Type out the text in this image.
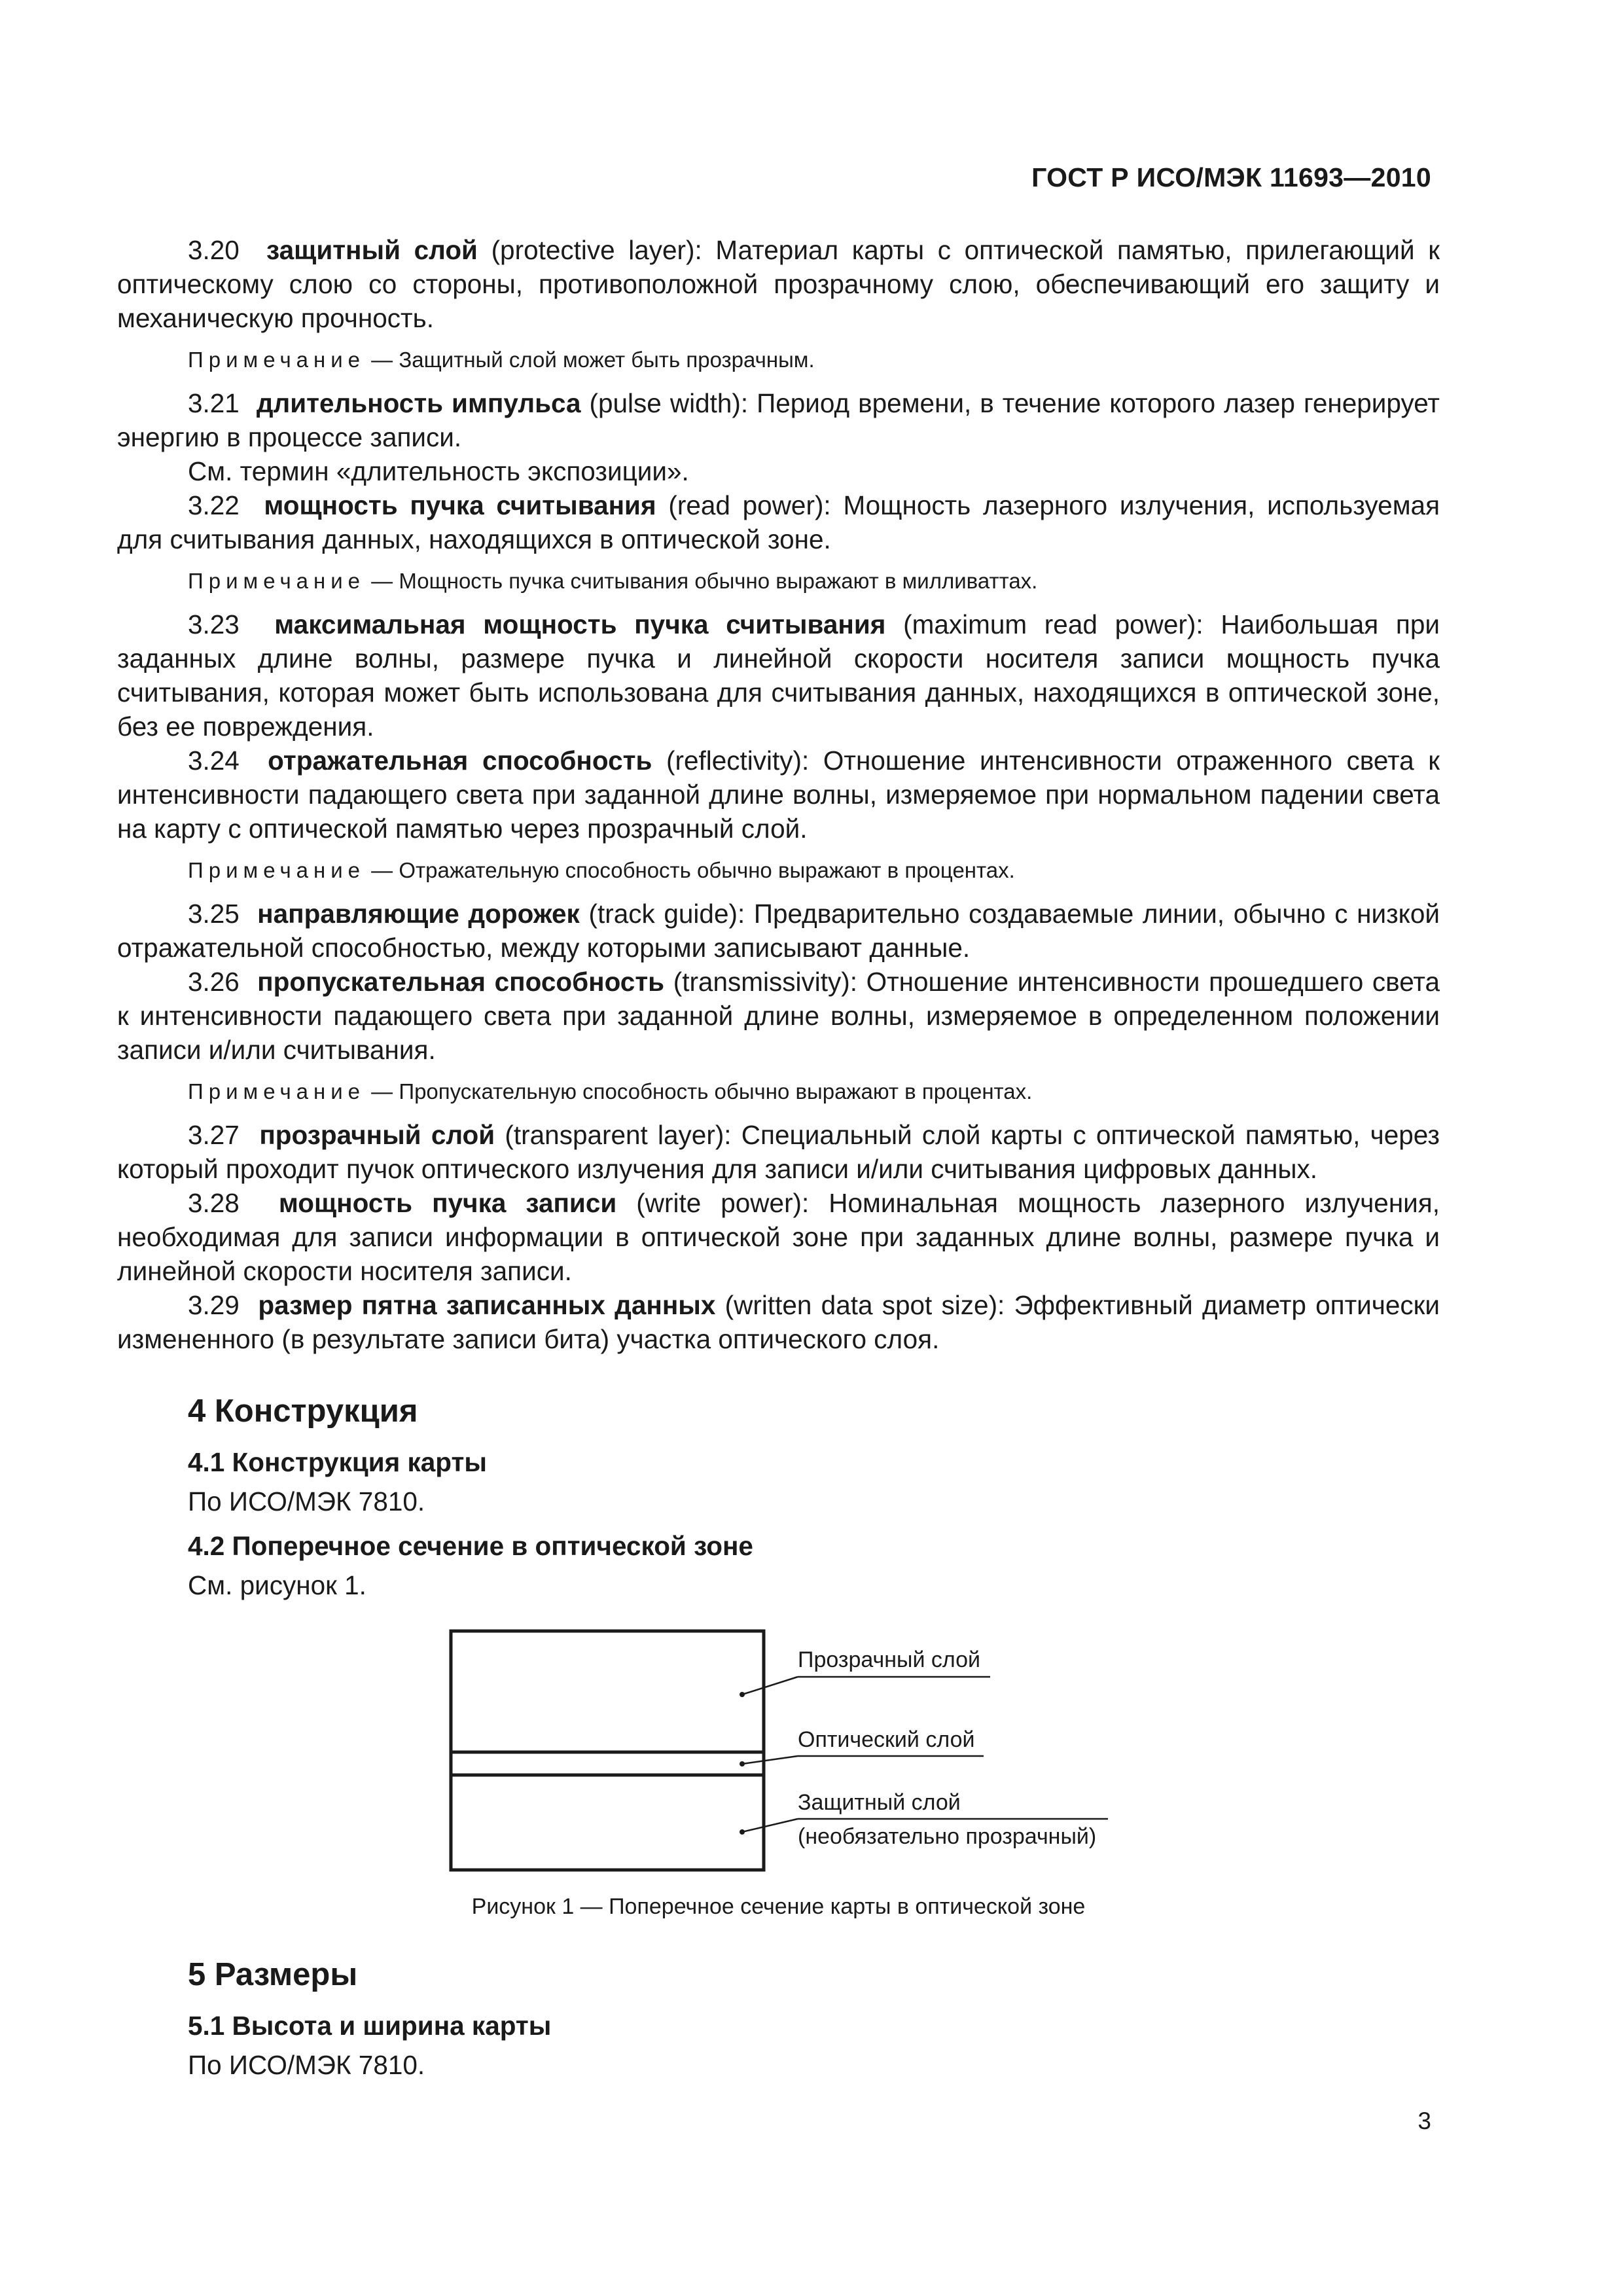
ГОСТ Р ИСО/МЭК 11693—2010

3.20 защитный слой (protective layer): Материал карты с оптической памятью, прилегающий к оптическому слою со стороны, противоположной прозрачному слою, обеспечивающий его защиту и механическую прочность.

Примечание — Защитный слой может быть прозрачным.

3.21 длительность импульса (pulse width): Период времени, в течение которого лазер генерирует энергию в процессе записи.

См. термин «длительность экспозиции».

3.22 мощность пучка считывания (read power): Мощность лазерного излучения, используемая для считывания данных, находящихся в оптической зоне.

Примечание — Мощность пучка считывания обычно выражают в милливаттах.

3.23 максимальная мощность пучка считывания (maximum read power): Наибольшая при заданных длине волны, размере пучка и линейной скорости носителя записи мощность пучка считывания, которая может быть использована для считывания данных, находящихся в оптической зоне, без ее повреждения.

3.24 отражательная способность (reflectivity): Отношение интенсивности отраженного света к интенсивности падающего света при заданной длине волны, измеряемое при нормальном падении света на карту с оптической памятью через прозрачный слой.

Примечание — Отражательную способность обычно выражают в процентах.

3.25 направляющие дорожек (track guide): Предварительно создаваемые линии, обычно с низкой отражательной способностью, между которыми записывают данные.

3.26 пропускательная способность (transmissivity): Отношение интенсивности прошедшего света к интенсивности падающего света при заданной длине волны, измеряемое в определенном положении записи и/или считывания.

Примечание — Пропускательную способность обычно выражают в процентах.

3.27 прозрачный слой (transparent layer): Специальный слой карты с оптической памятью, через который проходит пучок оптического излучения для записи и/или считывания цифровых данных.

3.28 мощность пучка записи (write power): Номинальная мощность лазерного излучения, необходимая для записи информации в оптической зоне при заданных длине волны, размере пучка и линейной скорости носителя записи.

3.29 размер пятна записанных данных (written data spot size): Эффективный диаметр оптически измененного (в результате записи бита) участка оптического слоя.

4 Конструкция
4.1 Конструкция карты
По ИСО/МЭК 7810.
4.2 Поперечное сечение в оптической зоне
См. рисунок 1.
Прозрачный слой
Оптический слой
Защитный слой
(необязательно прозрачный)

Рисунок 1 — Поперечное сечение карты в оптической зоне

5 Размеры
5.1 Высота и ширина карты
По ИСО/МЭК 7810.
3
